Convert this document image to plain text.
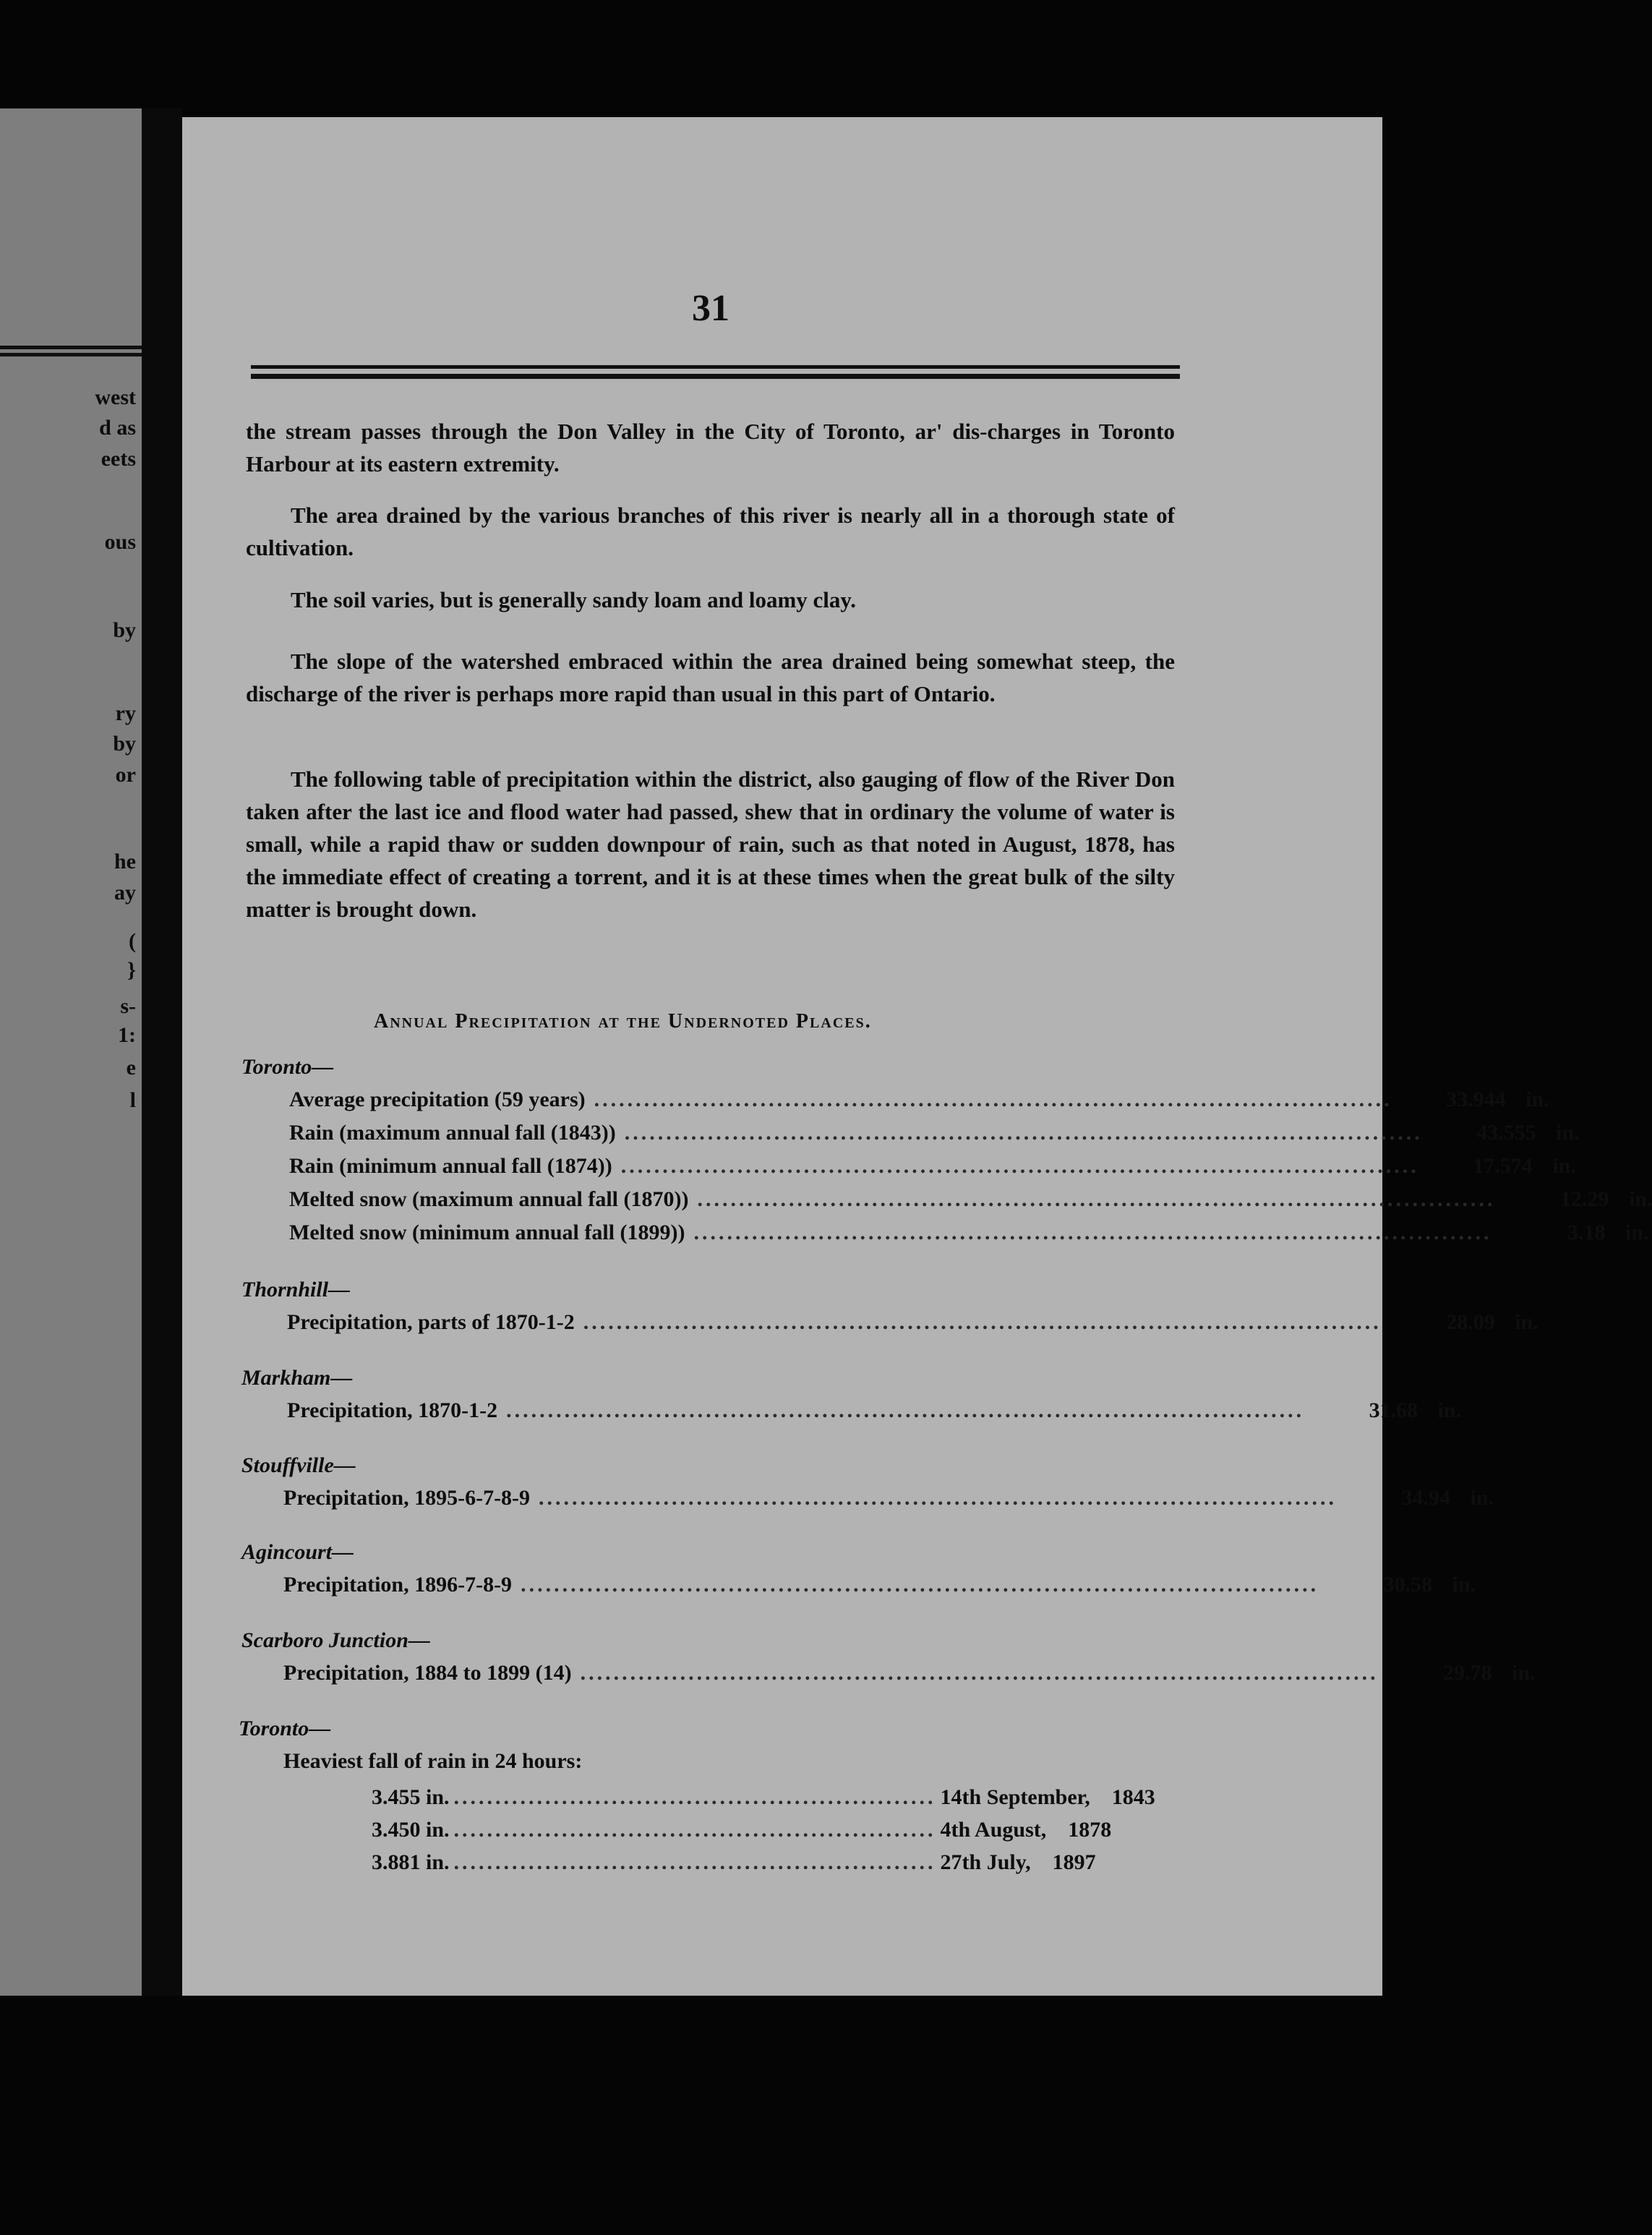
west
d as
eets
ous
by
ry
by
or
he
ay
(
}
s-
1:
e
l
31

the stream passes through the Don Valley in the City of Toronto, ar' dis-charges in Toronto Harbour at its eastern extremity.

The area drained by the various branches of this river is nearly all in a thorough state of cultivation.

The soil varies, but is generally sandy loam and loamy clay.

The slope of the watershed embraced within the area drained being somewhat steep, the discharge of the river is perhaps more rapid than usual in this part of Ontario.

The following table of precipitation within the district, also gauging of flow of the River Don taken after the last ice and flood water had passed, shew that in ordinary the volume of water is small, while a rapid thaw or sudden downpour of rain, such as that noted in August, 1878, has the immediate effect of creating a torrent, and it is at these times when the great bulk of the silty matter is brought down.

Annual Precipitation at the Undernoted Places.
Toronto—
Average precipitation (59 years) ................................................................................................	33.944 in.
Rain (maximum annual fall (1843)) ................................................................................................	43.555 in.
Rain (minimum annual fall (1874)) ................................................................................................	17.574 in.
Melted snow (maximum annual fall (1870)) ................................................................................................	12.29 in.
Melted snow (minimum annual fall (1899)) ................................................................................................	3.18 in.
Thornhill—
Precipitation, parts of 1870-1-2 ................................................................................................	28.09 in.
Markham—
Precipitation, 1870-1-2 ................................................................................................	31.68 in.
Stouffville—
Precipitation, 1895-6-7-8-9 ................................................................................................	34.94 in.
Agincourt—
Precipitation, 1896-7-8-9 ................................................................................................	30.58 in.
Scarboro Junction—
Precipitation, 1884 to 1899 (14) ................................................................................................	29.78 in.
Toronto—
Heaviest fall of rain in 24 hours:
3.455 in. .......................................................... 14th September,	1843
3.450 in. .......................................................... 4th August,	1878
3.881 in. .......................................................... 27th July,	1897
